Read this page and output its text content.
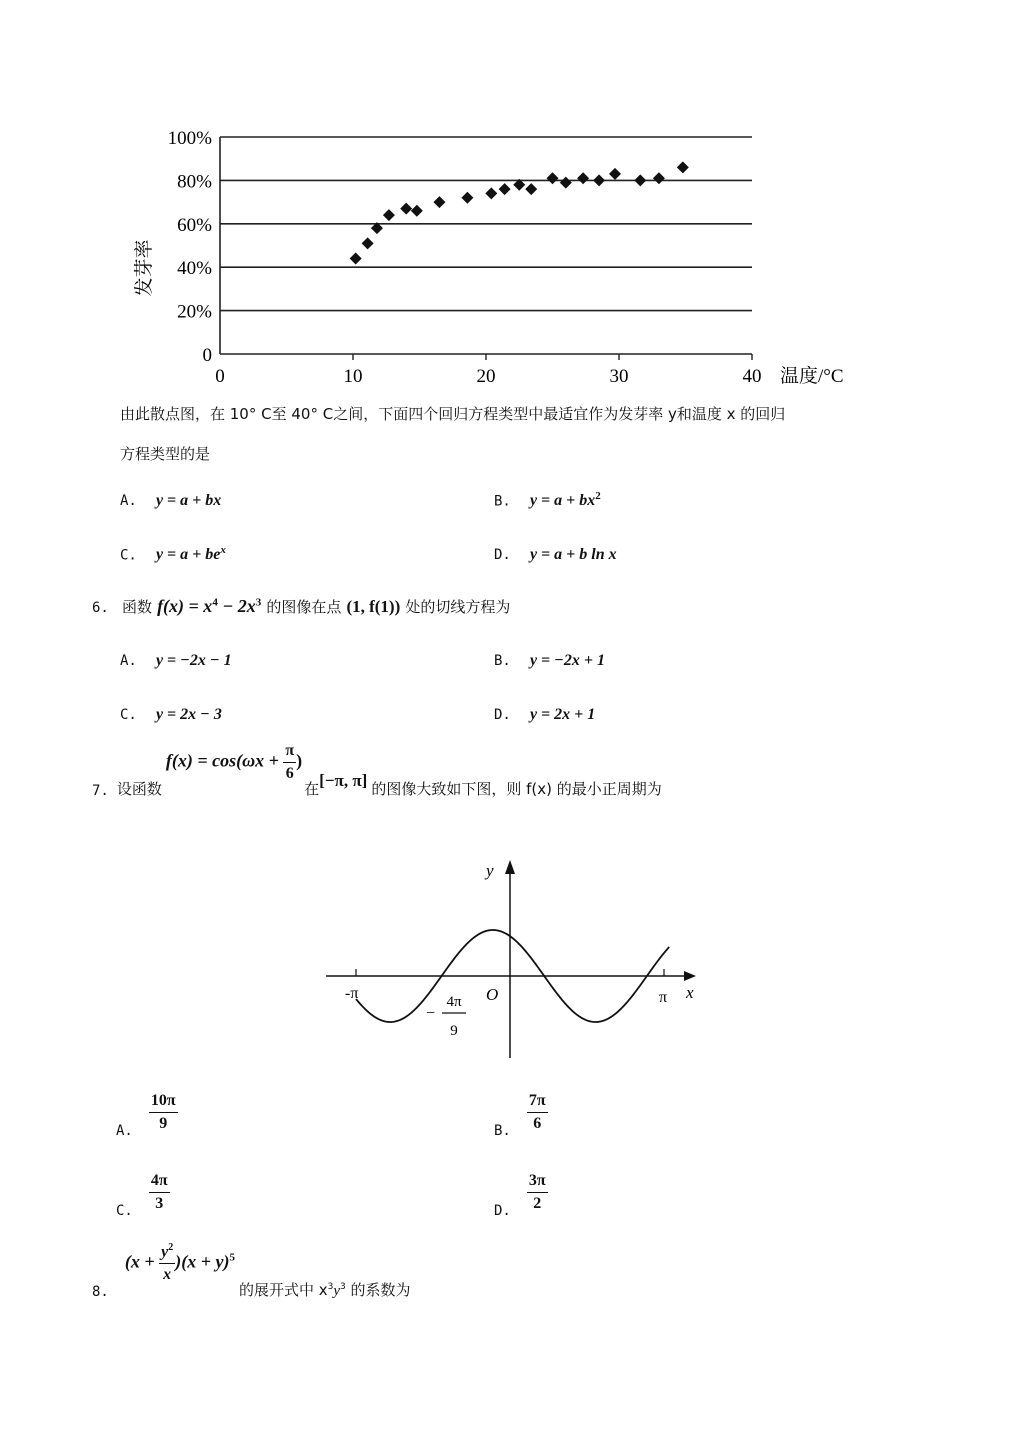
0
20%
40%
60%
80%
100%
0	10	20	30	40 温度/°C
发芽率
由此散点图，在 10° C至 40° C之间，下面四个回归方程类型中最适宜作为发芽率 y和温度 x 的回归
方程类型的是
A. y = a + bx	B. $y = a + bx^2$
C. $y = a + be^x$	D. y = a + b ln x
6. 函数 $f(x) = x^4 - 2x^3$ 的图像在点 (1, f(1)) 处的切线方程为
A. y = −2x − 1	B. y = −2x + 1
C. y = 2x − 3	D. y = 2x + 1
7. 设函数
$f(x) = \cos(\omega x + \frac{\pi}{6}$ )
在 [−π, π] 的图像大致如下图，则 f(x) 的最小正周期为
y
x
O
-π	π
−
4π
9
A. $\frac{10\pi}{9}$	B. $\frac{7\pi}{6}$
C. $\frac{4\pi}{3}$	D. $\frac{3\pi}{2}$
8.
$(x + \frac{y^2}{x} )(x + y)^5$
的展开式中 $x^3y^3$ 的系数为
